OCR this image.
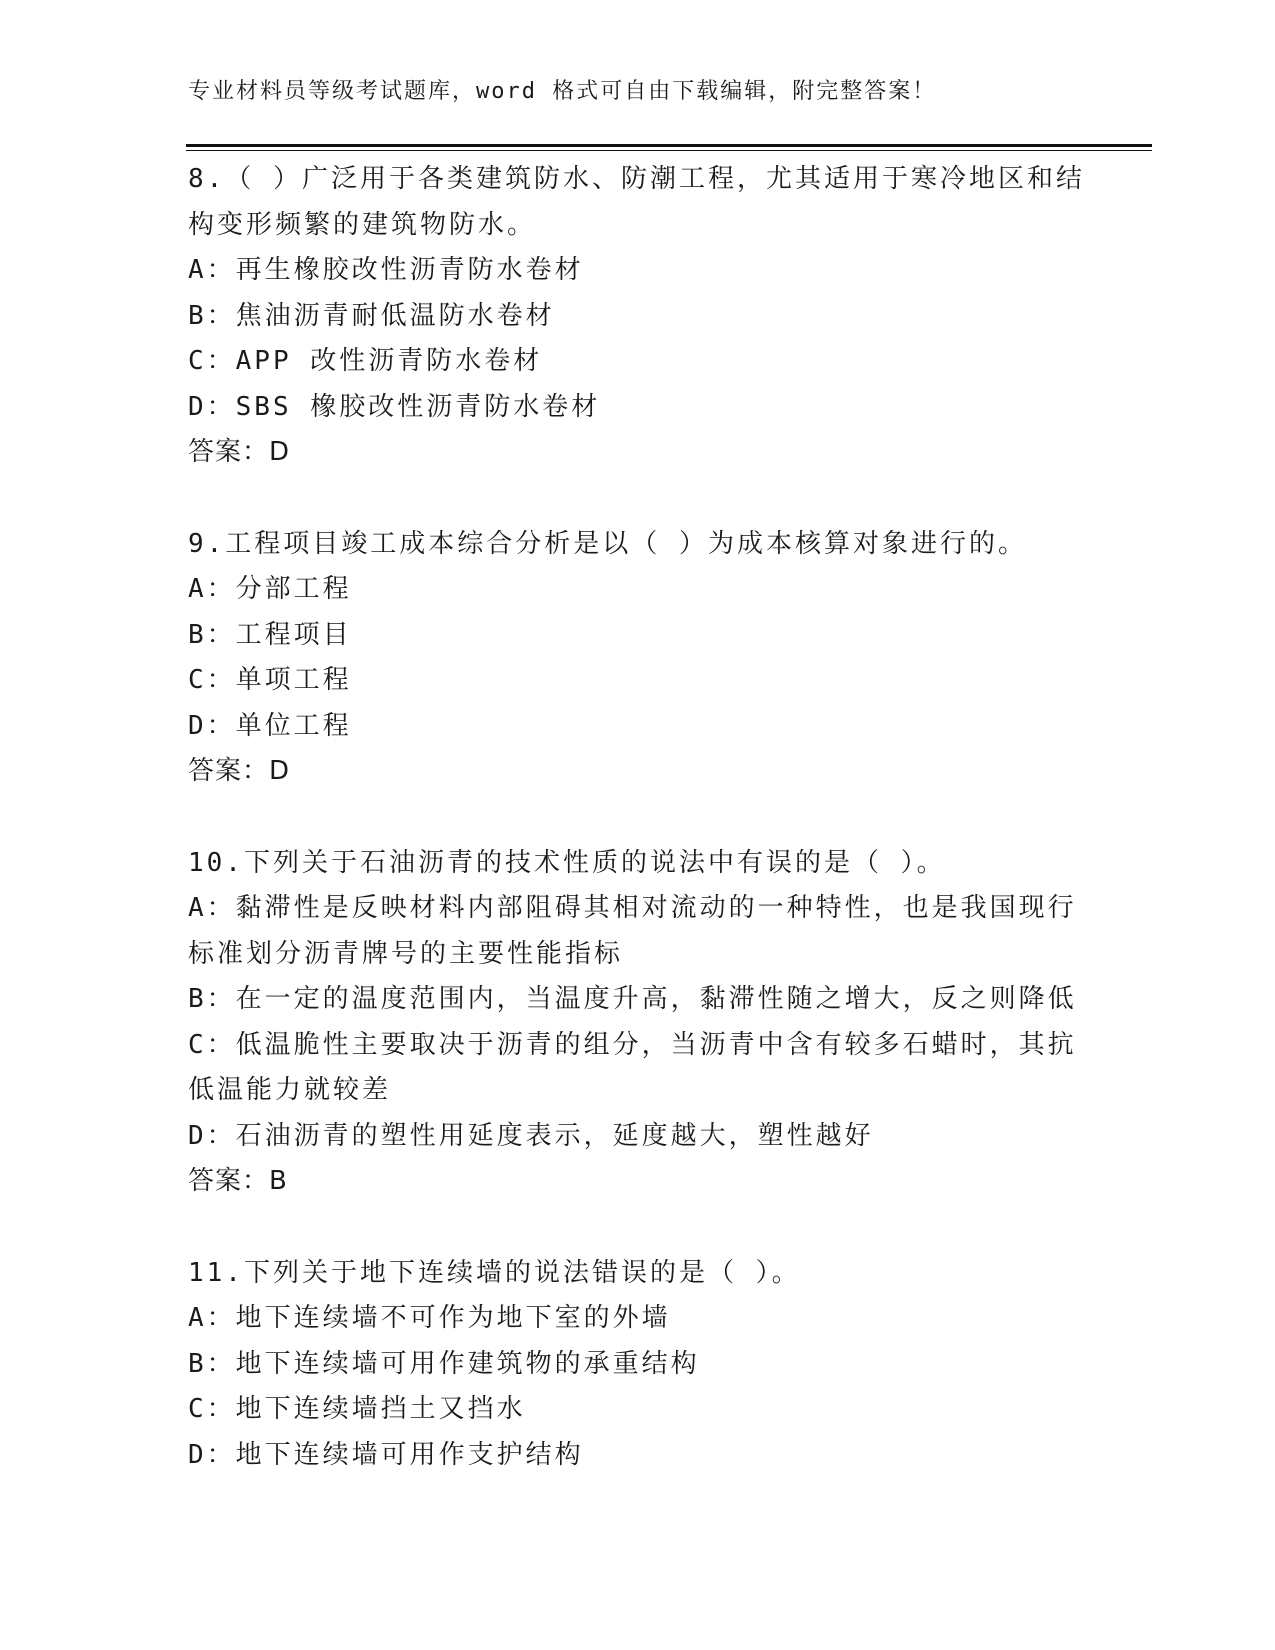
专业材料员等级考试题库，word 格式可自由下载编辑，附完整答案！
8.（ ）广泛用于各类建筑防水、防潮工程，尤其适用于寒冷地区和结
构变形频繁的建筑物防水。
A：再生橡胶改性沥青防水卷材
B：焦油沥青耐低温防水卷材
C：APP 改性沥青防水卷材
D：SBS 橡胶改性沥青防水卷材
答案：D
9.工程项目竣工成本综合分析是以（ ）为成本核算对象进行的。
A：分部工程
B：工程项目
C：单项工程
D：单位工程
答案：D
10.下列关于石油沥青的技术性质的说法中有误的是（ ）。
A：黏滞性是反映材料内部阻碍其相对流动的一种特性，也是我国现行
标准划分沥青牌号的主要性能指标
B：在一定的温度范围内，当温度升高，黏滞性随之增大，反之则降低
C：低温脆性主要取决于沥青的组分，当沥青中含有较多石蜡时，其抗
低温能力就较差
D：石油沥青的塑性用延度表示，延度越大，塑性越好
答案：B
11.下列关于地下连续墙的说法错误的是（ ）。
A：地下连续墙不可作为地下室的外墙
B：地下连续墙可用作建筑物的承重结构
C：地下连续墙挡土又挡水
D：地下连续墙可用作支护结构
